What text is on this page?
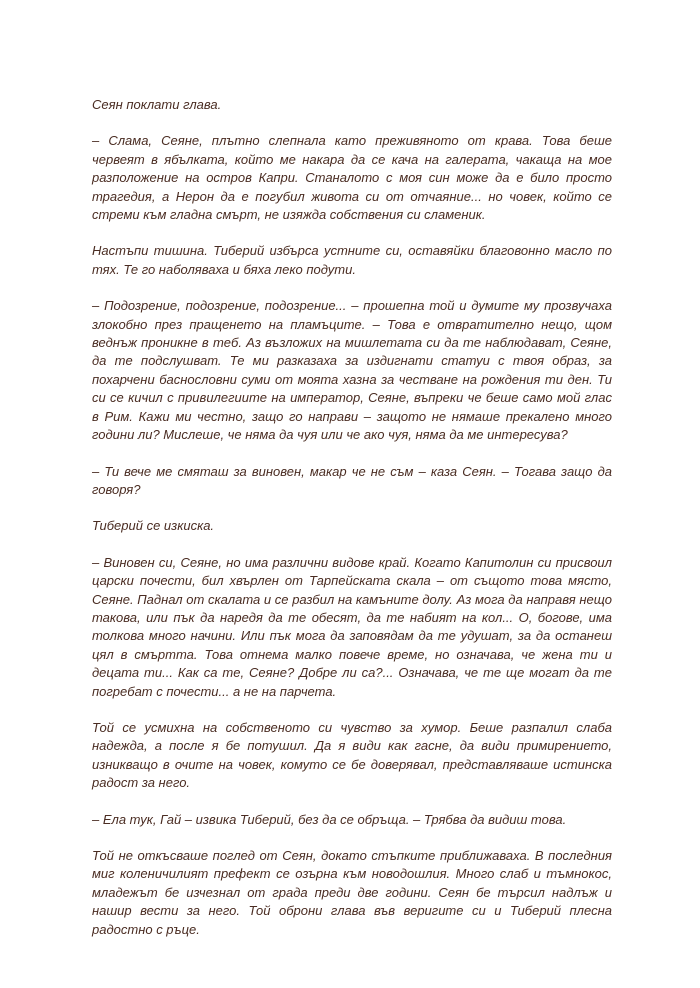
Сеян поклати глава.

– Слама, Сеяне, плътно слепнала като преживяното от крава. Това беше червеят в ябълката, който ме накара да се кача на галерата, чакаща на мое разположение на остров Капри. Станалото с моя син може да е било просто трагедия, а Нерон да е погубил живота си от отчаяние... но човек, който се стреми към гладна смърт, не изяжда собствения си сламеник.

Настъпи тишина. Тиберий избърса устните си, оставяйки благовонно масло по тях. Те го наболяваха и бяха леко подути.

– Подозрение, подозрение, подозрение... – прошепна той и думите му прозвучаха злокобно през пращенето на пламъците. – Това е отвратително нещо, щом веднъж проникне в теб. Аз възложих на мишлетата си да те наблюдават, Сеяне, да те подслушват. Те ми разказаха за издигнати статуи с твоя образ, за похарчени баснословни суми от моята хазна за честване на рождения ти ден. Ти си се кичил с привилегиите на император, Сеяне, въпреки че беше само мой глас в Рим. Кажи ми честно, защо го направи – защото не нямаше прекалено много години ли? Мислеше, че няма да чуя или че ако чуя, няма да ме интересува?

– Ти вече ме смяташ за виновен, макар че не съм – каза Сеян. – Тогава защо да говоря?

Тиберий се изкиска.

– Виновен си, Сеяне, но има различни видове край. Когато Капитолин си присвоил царски почести, бил хвърлен от Тарпейската скала – от същото това място, Сеяне. Паднал от скалата и се разбил на камъните долу. Аз мога да направя нещо такова, или пък да наредя да те обесят, да те набият на кол... О, богове, има толкова много начини. Или пък мога да заповядам да те удушат, за да останеш цял в смъртта. Това отнема малко повече време, но означава, че жена ти и децата ти... Как са те, Сеяне? Добре ли са?... Означава, че те ще могат да те погребат с почести... а не на парчета.

Той се усмихна на собственото си чувство за хумор. Беше разпалил слаба надежда, а после я бе потушил. Да я види как гасне, да види примирението, изникващо в очите на човек, комуто се бе доверявал, представляваше истинска радост за него.

– Ела тук, Гай – извика Тиберий, без да се обръща. – Трябва да видиш това.

Той не откъсваше поглед от Сеян, докато стъпките приближаваха. В последния миг коленичилият префект се озърна към новодошлия. Много слаб и тъмнокос, младежът бе изчезнал от града преди две години. Сеян бе търсил надлъж и нашир вести за него. Той оброни глава във веригите си и Тиберий плесна радостно с ръце.
